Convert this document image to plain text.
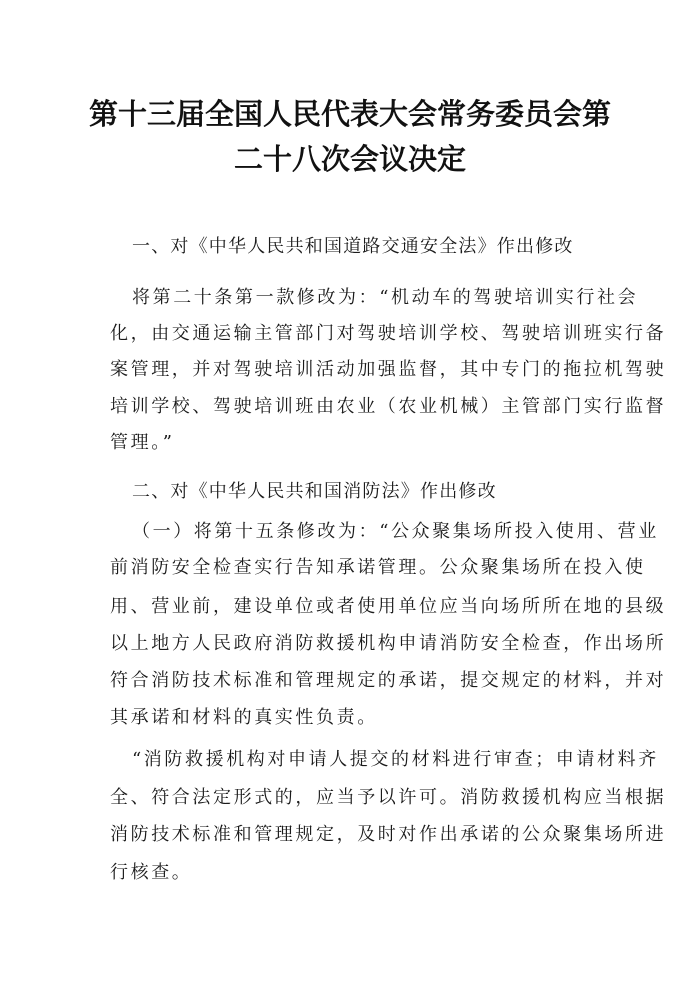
第十三届全国人民代表大会常务委员会第
二十八次会议决定
一、对《中华人民共和国道路交通安全法》作出修改
将第二十条第一款修改为：“机动车的驾驶培训实行社会
化，由交通运输主管部门对驾驶培训学校、驾驶培训班实行备
案管理，并对驾驶培训活动加强监督，其中专门的拖拉机驾驶
培训学校、驾驶培训班由农业（农业机械）主管部门实行监督
管理。”
二、对《中华人民共和国消防法》作出修改
（一）将第十五条修改为：“公众聚集场所投入使用、营业
前消防安全检查实行告知承诺管理。公众聚集场所在投入使
用、营业前，建设单位或者使用单位应当向场所所在地的县级
以上地方人民政府消防救援机构申请消防安全检查，作出场所
符合消防技术标准和管理规定的承诺，提交规定的材料，并对
其承诺和材料的真实性负责。
“消防救援机构对申请人提交的材料进行审查；申请材料齐
全、符合法定形式的，应当予以许可。消防救援机构应当根据
消防技术标准和管理规定，及时对作出承诺的公众聚集场所进
行核查。
